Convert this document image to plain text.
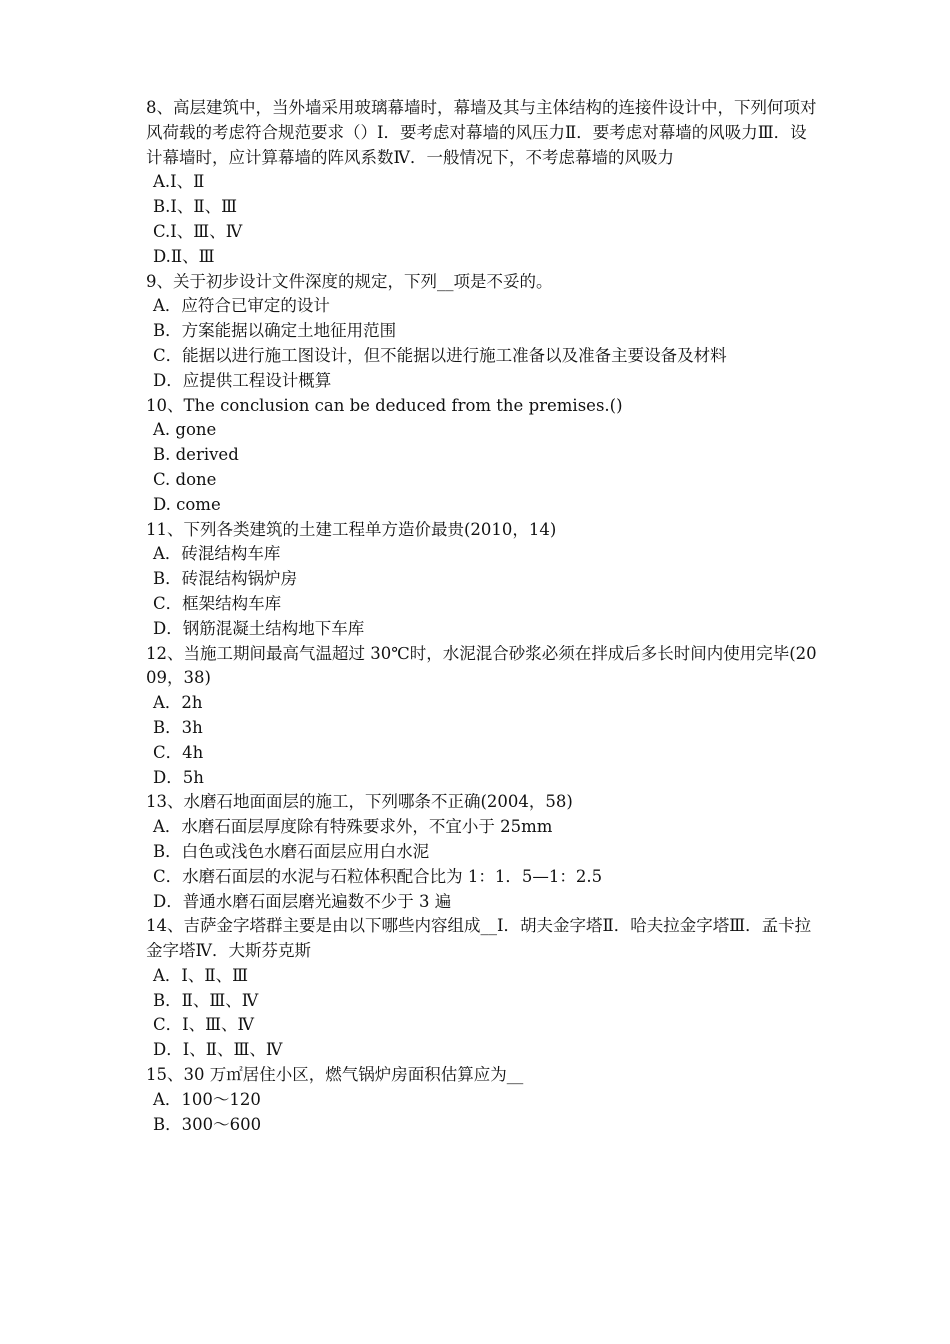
8、高层建筑中，当外墙采用玻璃幕墙时，幕墙及其与主体结构的连接件设计中，下列何项对风荷载的考虑符合规范要求（）Ⅰ．要考虑对幕墙的风压力Ⅱ．要考虑对幕墙的风吸力Ⅲ．设计幕墙时，应计算幕墙的阵风系数Ⅳ．一般情况下，不考虑幕墙的风吸力

A.Ⅰ、Ⅱ

B.Ⅰ、Ⅱ、Ⅲ

C.Ⅰ、Ⅲ、Ⅳ

D.Ⅱ、Ⅲ

9、关于初步设计文件深度的规定，下列__项是不妥的。

A．应符合已审定的设计

B．方案能据以确定土地征用范围

C．能据以进行施工图设计，但不能据以进行施工准备以及准备主要设备及材料

D．应提供工程设计概算

10、The conclusion can be deduced from the premises.()

A. gone

B. derived

C. done

D. come

11、下列各类建筑的土建工程单方造价最贵(2010，14)

A．砖混结构车库

B．砖混结构锅炉房

C．框架结构车库

D．钢筋混凝土结构地下车库

12、当施工期间最高气温超过 30℃时，水泥混合砂浆必须在拌成后多长时间内使用完毕(2009，38)

A．2h

B．3h

C．4h

D．5h

13、水磨石地面面层的施工，下列哪条不正确(2004，58)

A．水磨石面层厚度除有特殊要求外，不宜小于 25mm

B．白色或浅色水磨石面层应用白水泥

C．水磨石面层的水泥与石粒体积配合比为 1：1．5—1：2.5

D．普通水磨石面层磨光遍数不少于 3 遍

14、吉萨金字塔群主要是由以下哪些内容组成__Ⅰ．胡夫金字塔Ⅱ．哈夫拉金字塔Ⅲ．孟卡拉金字塔Ⅳ．大斯芬克斯

A．Ⅰ、Ⅱ、Ⅲ

B．Ⅱ、Ⅲ、Ⅳ

C．Ⅰ、Ⅲ、Ⅳ

D．Ⅰ、Ⅱ、Ⅲ、Ⅳ

15、30 万㎡居住小区，燃气锅炉房面积估算应为__

A．100～120

B．300～600
